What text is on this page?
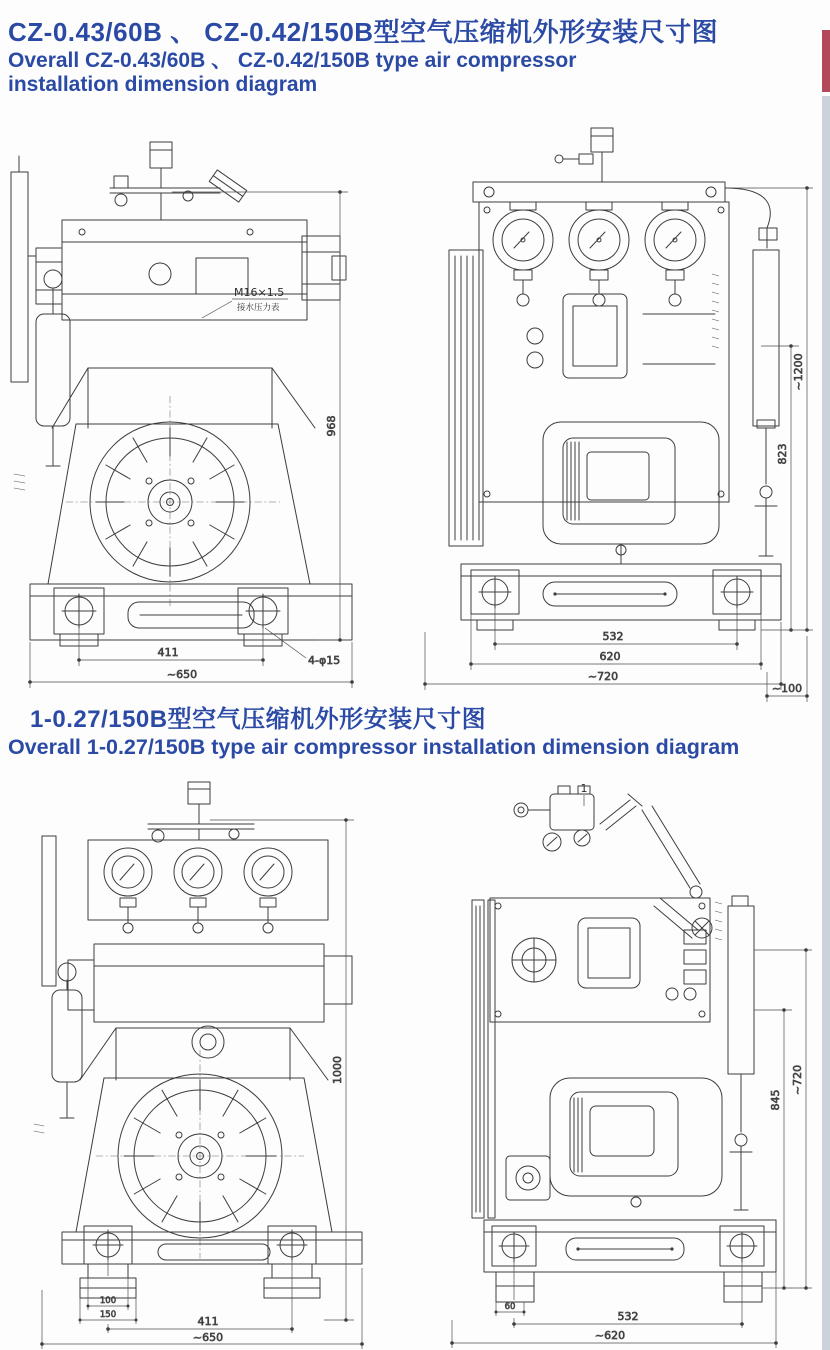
CZ-0.43/60B 、 CZ-0.42/150B型空气压缩机外形安装尺寸图
Overall CZ-0.43/60B 、 CZ-0.42/150B type air compressor
installation dimension diagram
968
411
~650
4-φ15
M16×1.5
接水压力表
532
620
~720
~100
823
~1200
1-0.27/150B型空气压缩机外形安装尺寸图
Overall 1-0.27/150B type air compressor installation dimension diagram
100
150	411
~650
1000
1
60
532
~620
845
~720
